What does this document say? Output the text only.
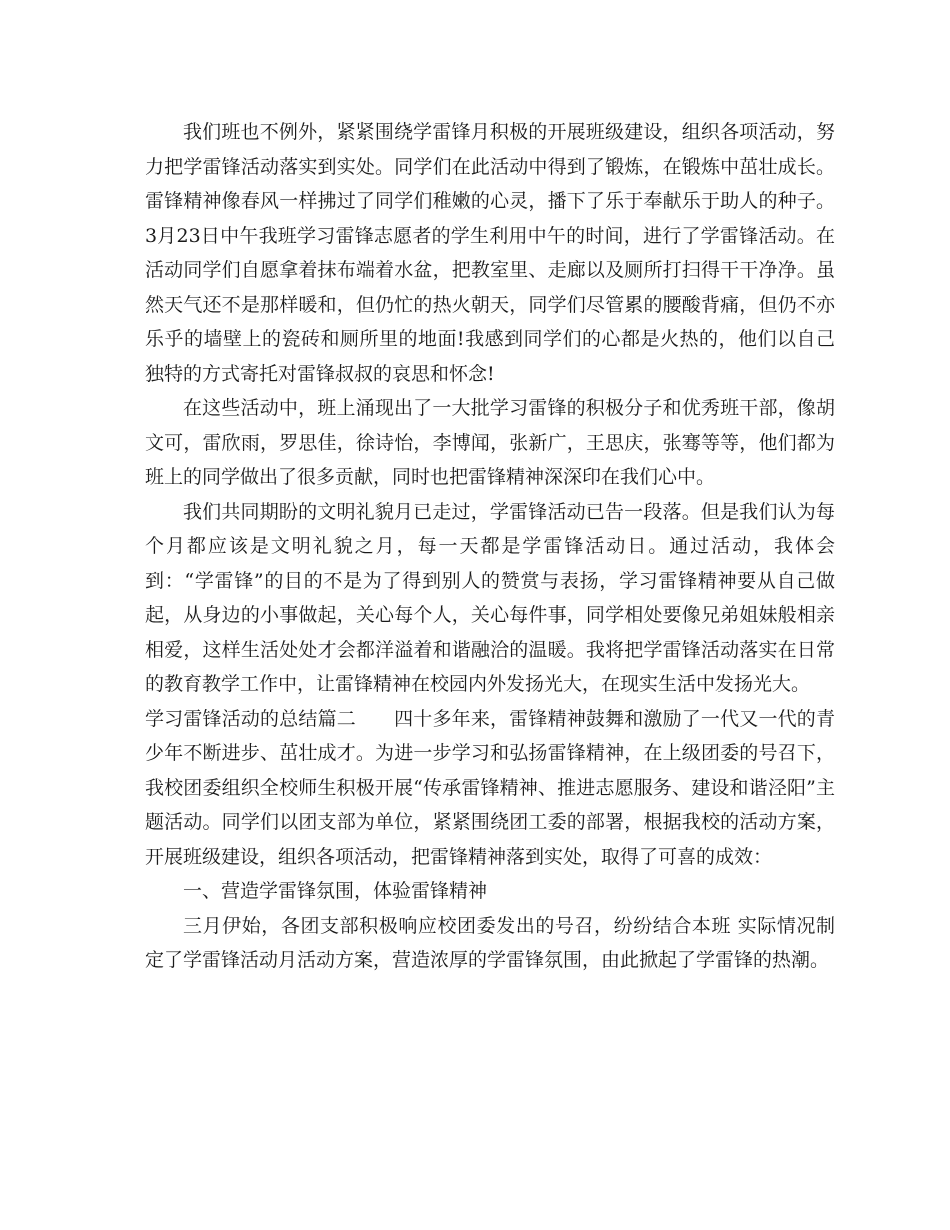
我们班也不例外，紧紧围绕学雷锋月积极的开展班级建设，组织各项活动，努力把学雷锋活动落实到实处。同学们在此活动中得到了锻炼，在锻炼中茁壮成长。雷锋精神像春风一样拂过了同学们稚嫩的心灵，播下了乐于奉献乐于助人的种子。 3月23日中午我班学习雷锋志愿者的学生利用中午的时间，进行了学雷锋活动。在活动同学们自愿拿着抹布端着水盆，把教室里、走廊以及厕所打扫得干干净净。虽然天气还不是那样暖和，但仍忙的热火朝天，同学们尽管累的腰酸背痛，但仍不亦乐乎的墙壁上的瓷砖和厕所里的地面!我感到同学们的心都是火热的，他们以自己独特的方式寄托对雷锋叔叔的哀思和怀念!

在这些活动中，班上涌现出了一大批学习雷锋的积极分子和优秀班干部，像胡文可，雷欣雨，罗思佳，徐诗怡，李博闻，张新广，王思庆，张骞等等，他们都为班上的同学做出了很多贡献，同时也把雷锋精神深深印在我们心中。

我们共同期盼的文明礼貌月已走过，学雷锋活动已告一段落。但是我们认为每个月都应该是文明礼貌之月，每一天都是学雷锋活动日。通过活动，我体会到：“学雷锋”的目的不是为了得到别人的赞赏与表扬，学习雷锋精神要从自己做起，从身边的小事做起，关心每个人，关心每件事，同学相处要像兄弟姐妹般相亲相爱，这样生活处处才会都洋溢着和谐融洽的温暖。我将把学雷锋活动落实在日常的教育教学工作中，让雷锋精神在校园内外发扬光大，在现实生活中发扬光大。

学习雷锋活动的总结篇二 四十多年来，雷锋精神鼓舞和激励了一代又一代的青少年不断进步、茁壮成才。为进一步学习和弘扬雷锋精神，在上级团委的号召下，我校团委组织全校师生积极开展“传承雷锋精神、推进志愿服务、建设和谐泾阳”主题活动。同学们以团支部为单位，紧紧围绕团工委的部署，根据我校的活动方案，开展班级建设，组织各项活动，把雷锋精神落到实处，取得了可喜的成效：

一、营造学雷锋氛围，体验雷锋精神

三月伊始，各团支部积极响应校团委发出的号召，纷纷结合本班 实际情况制定了学雷锋活动月活动方案，营造浓厚的学雷锋氛围，由此掀起了学雷锋的热潮。
